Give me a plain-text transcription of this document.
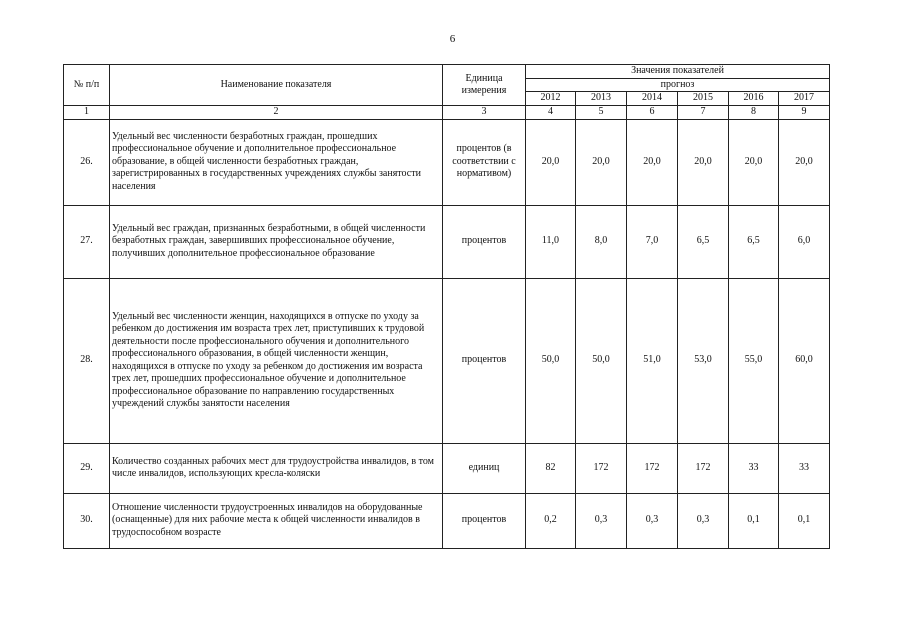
6
№ п/п	Наименование показателя	Единица измерения	Значения показателей					
			прогноз					
			2012	2013	2014	2015	2016	2017
1	2	3	4	5	6	7	8	9
26.	Удельный вес численности безработных граждан, прошедших профессиональное обучение и дополнительное профессиональное образование, в общей численности безработных граждан, зарегистрированных в государственных учреждениях службы занятости населения	процентов (в соответствии с нормативом)	20,0	20,0	20,0	20,0	20,0	20,0
27.	Удельный вес граждан, признанных безработными, в общей численности безработных граждан, завершивших профессиональное обучение, получивших дополнительное профессиональное образование	процентов	11,0	8,0	7,0	6,5	6,5	6,0
28.	Удельный вес численности женщин, находящихся в отпуске по уходу за ребенком до достижения им возраста трех лет, приступивших к трудовой деятельности после профессионального обучения и дополнительного профессионального образования, в общей численности женщин, находящихся в отпуске по уходу за ребенком до достижения им возраста трех лет, прошедших профессиональное обучение и дополнительное профессиональное образование по направлению государственных учреждений службы занятости населения	процентов	50,0	50,0	51,0	53,0	55,0	60,0
29.	Количество созданных рабочих мест для трудоустройства инвалидов, в том числе инвалидов, использующих кресла-коляски	единиц	82	172	172	172	33	33
30.	Отношение численности трудоустроенных инвалидов на оборудованные (оснащенные) для них рабочие места к общей численности инвалидов в трудоспособном возрасте	процентов	0,2	0,3	0,3	0,3	0,1	0,1
